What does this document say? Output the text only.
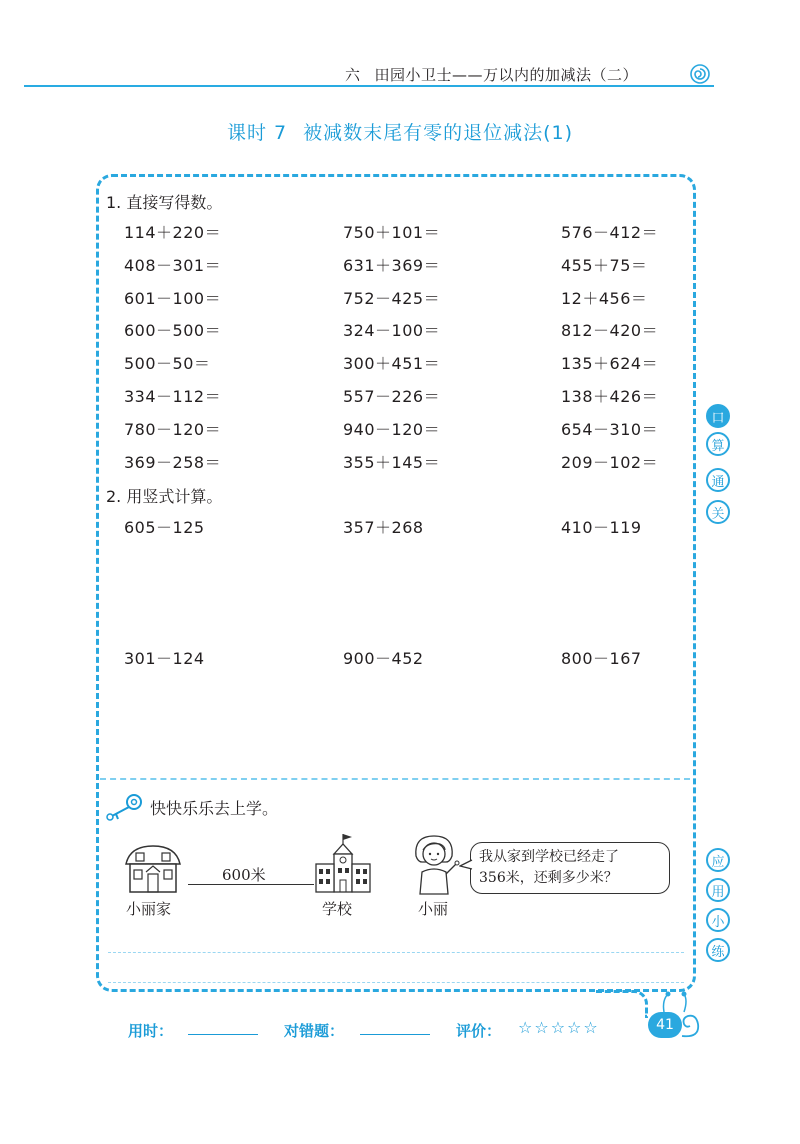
六 田园小卫士——万以内的加减法（二）
课时 7 被减数末尾有零的退位减法(1)
1. 直接写得数。
114＋220＝	750＋101＝	576－412＝
408－301＝	631＋369＝	455＋75＝
601－100＝	752－425＝	12＋456＝
600－500＝	324－100＝	812－420＝
500－50＝	300＋451＝	135＋624＝
334－112＝	557－226＝	138＋426＝
780－120＝	940－120＝	654－310＝
369－258＝	355＋145＝	209－102＝
2. 用竖式计算。
605－125	357＋268	410－119
301－124	900－452	800－167
口
算
通
关
快快乐乐去上学。
小丽家
600米
学校	小丽
我从家到学校已经走了
356米，还剩多少米？
应
用
小
练
用时：	对错题：	评价： ☆☆☆☆☆	41
